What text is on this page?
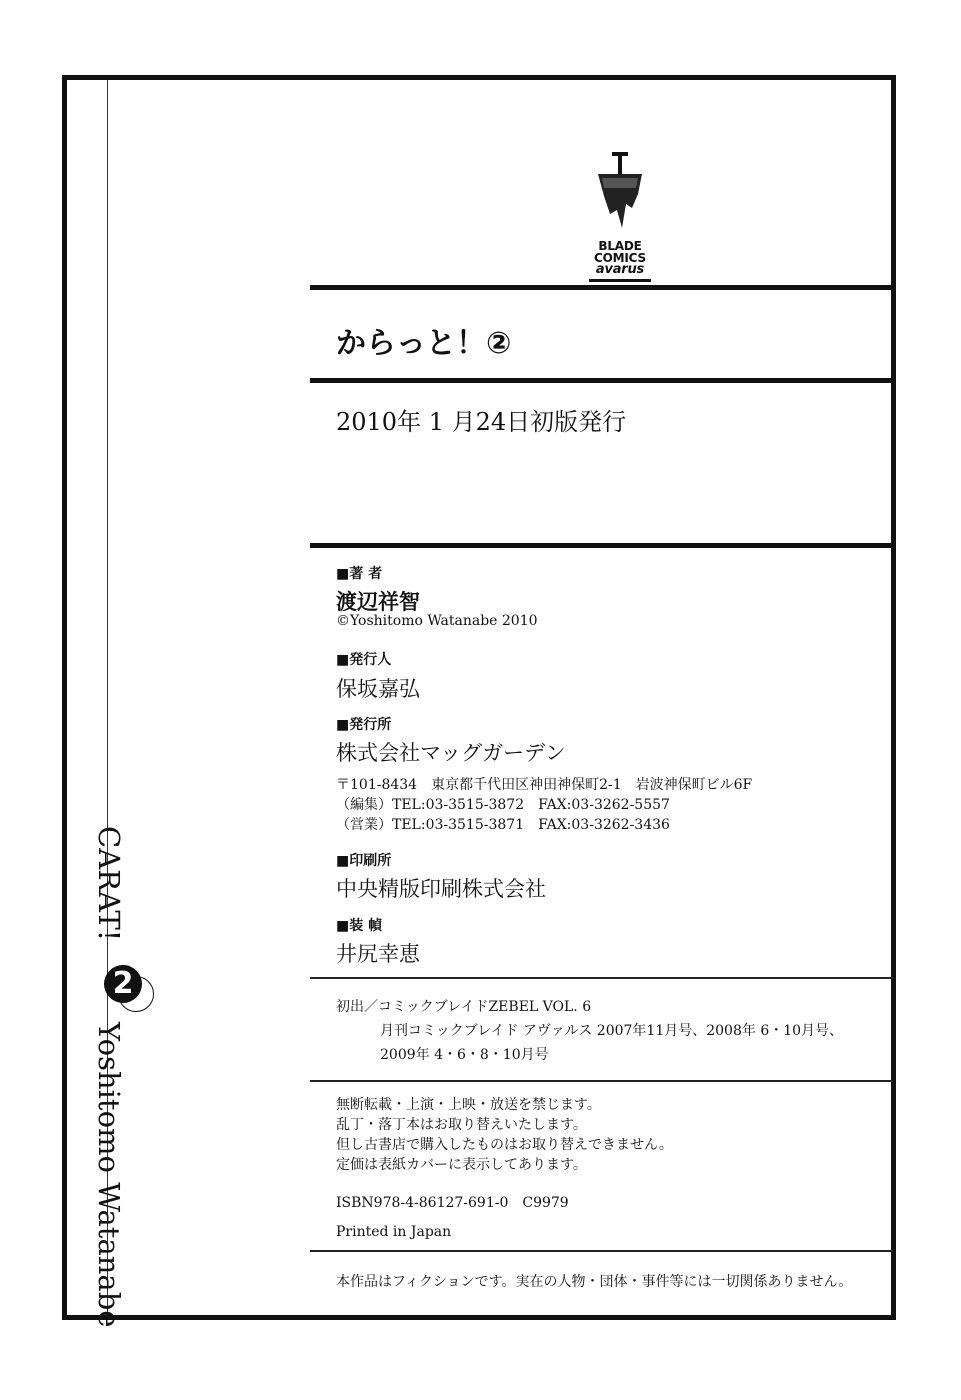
BLADE
COMICS
avarus
からっと！②
2010年 1 月24日初版発行
■著 者
渡辺祥智
©Yoshitomo Watanabe 2010
■発行人
保坂嘉弘
■発行所
株式会社マッグガーデン
〒101-8434　東京都千代田区神田神保町2-1　岩波神保町ビル6F
（編集）TEL:03-3515-3872　FAX:03-3262-5557
（営業）TEL:03-3515-3871　FAX:03-3262-3436
■印刷所
中央精版印刷株式会社
■装 幀
井尻幸恵
初出／コミックブレイドZEBEL VOL. 6
月刊コミックブレイド アヴァルス 2007年11月号、2008年 6・10月号、
2009年 4・6・8・10月号
無断転載・上演・上映・放送を禁じます。
乱丁・落丁本はお取り替えいたします。
但し古書店で購入したものはお取り替えできません。
定価は表紙カバーに表示してあります。
ISBN978-4-86127-691-0　C9979
Printed in Japan
本作品はフィクションです。実在の人物・団体・事件等には一切関係ありません。
CARAT!
2
Yoshitomo Watanabe
